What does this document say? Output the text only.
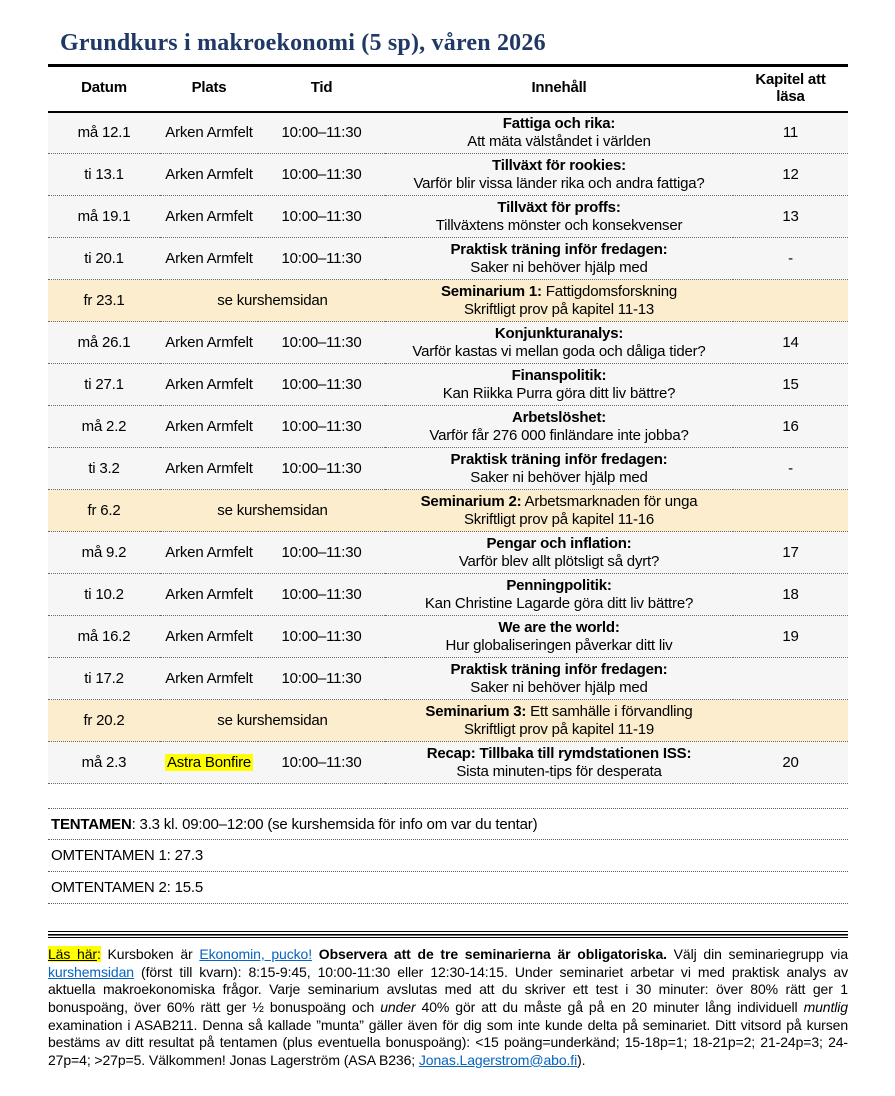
Grundkurs i makroekonomi (5 sp), våren 2026
Datum	Plats	Tid	Innehåll	Kapitel att läsa
må 12.1	Arken Armfelt	10:00–11:30	Fattiga och rika:
Att mäta välståndet i världen	11
ti 13.1	Arken Armfelt	10:00–11:30	Tillväxt för rookies:
Varför blir vissa länder rika och andra fattiga?	12
må 19.1	Arken Armfelt	10:00–11:30	Tillväxt för proffs:
Tillväxtens mönster och konsekvenser	13
ti 20.1	Arken Armfelt	10:00–11:30	Praktisk träning inför fredagen:
Saker ni behöver hjälp med	-
fr 23.1	se kurshemsidan		Seminarium 1: Fattigdomsforskning
Skriftligt prov på kapitel 11-13	

må 26.1	Arken Armfelt	10:00–11:30	Konjunkturanalys:
Varför kastas vi mellan goda och dåliga tider?	14
ti 27.1	Arken Armfelt	10:00–11:30	Finanspolitik:
Kan Riikka Purra göra ditt liv bättre?	15
må 2.2	Arken Armfelt	10:00–11:30	Arbetslöshet:
Varför får 276 000 finländare inte jobba?	16
ti 3.2	Arken Armfelt	10:00–11:30	Praktisk träning inför fredagen:
Saker ni behöver hjälp med	-
fr 6.2	se kurshemsidan		Seminarium 2: Arbetsmarknaden för unga
Skriftligt prov på kapitel 11-16	

må 9.2	Arken Armfelt	10:00–11:30	Pengar och inflation:
Varför blev allt plötsligt så dyrt?	17
ti 10.2	Arken Armfelt	10:00–11:30	Penningpolitik:
Kan Christine Lagarde göra ditt liv bättre?	18
må 16.2	Arken Armfelt	10:00–11:30	We are the world:
Hur globaliseringen påverkar ditt liv	19
ti 17.2	Arken Armfelt	10:00–11:30	Praktisk träning inför fredagen:
Saker ni behöver hjälp med	

fr 20.2	se kurshemsidan		Seminarium 3: Ett samhälle i förvandling
Skriftligt prov på kapitel 11-19	

må 2.3	Astra Bonfire	10:00–11:30	Recap: Tillbaka till rymdstationen ISS:
Sista minuten-tips för desperata	20
TENTAMEN : 3.3 kl. 09:00–12:00 (se kurshemsida för info om var du tentar)
OMTENTAMEN 1: 27.3
OMTENTAMEN 2: 15.5

Läs här: Kursboken är Ekonomin, pucko! Observera att de tre seminarierna är obligatoriska. Välj din seminariegrupp via kurshemsidan (först till kvarn): 8:15-9:45, 10:00-11:30 eller 12:30-14:15. Under seminariet arbetar vi med praktisk analys av aktuella makroekonomiska frågor. Varje seminarium avslutas med att du skriver ett test i 30 minuter: över 80% rätt ger 1 bonuspoäng, över 60% rätt ger ½ bonuspoäng och under 40% gör att du måste gå på en 20 minuter lång individuell muntlig examination i ASAB211. Denna så kallade ”munta” gäller även för dig som inte kunde delta på seminariet. Ditt vitsord på kursen bestäms av ditt resultat på tentamen (plus eventuella bonuspoäng): <15 poäng=underkänd; 15-18p=1; 18-21p=2; 21-24p=3; 24-27p=4; >27p=5. Välkommen! Jonas Lagerström (ASA B236; Jonas.Lagerstrom@abo.fi).
